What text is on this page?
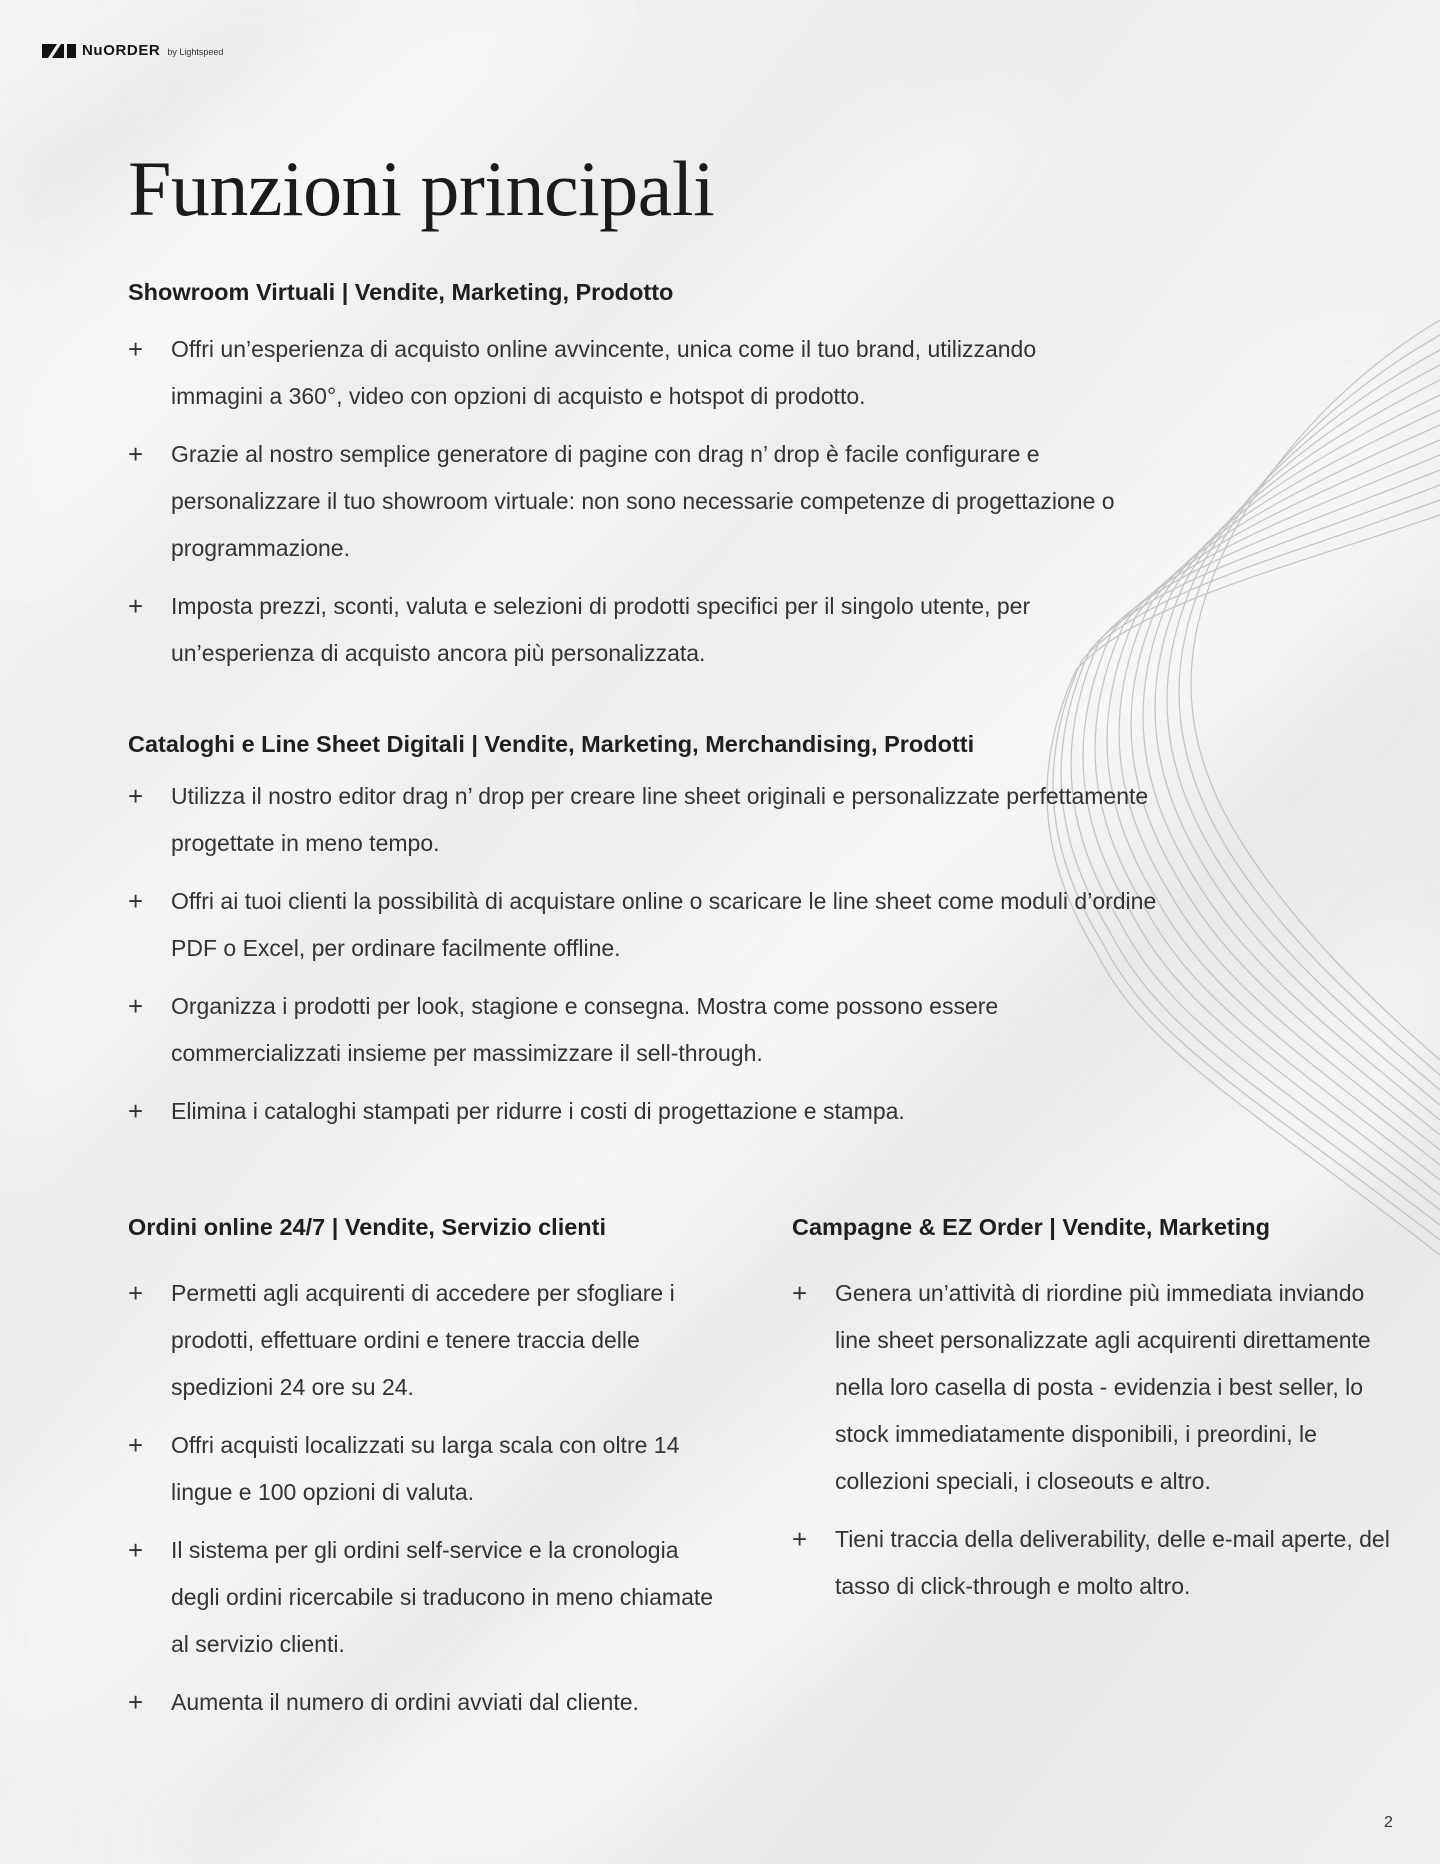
NuORDER by Lightspeed
Funzioni principali
Showroom Virtuali | Vendite, Marketing, Prodotto
+ Offri un’esperienza di acquisto online avvincente, unica come il tuo brand, utilizzando immagini a 360°, video con opzioni di acquisto e hotspot di prodotto.
+ Grazie al nostro semplice generatore di pagine con drag n’ drop è facile configurare e personalizzare il tuo showroom virtuale: non sono necessarie competenze di progettazione o programmazione.
+ Imposta prezzi, sconti, valuta e selezioni di prodotti specifici per il singolo utente, per un’esperienza di acquisto ancora più personalizzata.
Cataloghi e Line Sheet Digitali | Vendite, Marketing, Merchandising, Prodotti
+ Utilizza il nostro editor drag n’ drop per creare line sheet originali e personalizzate perfettamente progettate in meno tempo.
+ Offri ai tuoi clienti la possibilità di acquistare online o scaricare le line sheet come moduli d’ordine PDF o Excel, per ordinare facilmente offline.
+ Organizza i prodotti per look, stagione e consegna. Mostra come possono essere commercializzati insieme per massimizzare il sell-through.
+ Elimina i cataloghi stampati per ridurre i costi di progettazione e stampa.
Ordini online 24/7 | Vendite, Servizio clienti
+ Permetti agli acquirenti di accedere per sfogliare i prodotti, effettuare ordini e tenere traccia delle spedizioni 24 ore su 24.
+ Offri acquisti localizzati su larga scala con oltre 14 lingue e 100 opzioni di valuta.
+ Il sistema per gli ordini self-service e la cronologia degli ordini ricercabile si traducono in meno chiamate al servizio clienti.
+ Aumenta il numero di ordini avviati dal cliente.
Campagne & EZ Order | Vendite, Marketing
+ Genera un’attività di riordine più immediata inviando line sheet personalizzate agli acquirenti direttamente nella loro casella di posta - evidenzia i best seller, lo stock immediatamente disponibili, i preordini, le collezioni speciali, i closeouts e altro.
+ Tieni traccia della deliverability, delle e-mail aperte, del tasso di click-through e molto altro.
2
